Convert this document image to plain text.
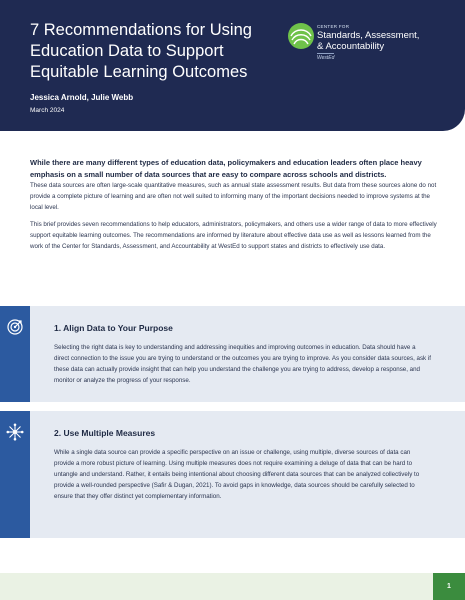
7 Recommendations for Using Education Data to Support Equitable Learning Outcomes
CENTER FOR
Standards, Assessment,
& Accountability
WestEd
Jessica Arnold, Julie Webb
March 2024

While there are many different types of education data, policymakers and education leaders often place heavy emphasis on a small number of data sources that are easy to compare across schools and districts.

These data sources are often large-scale quantitative measures, such as annual state assessment results. But data from these sources alone do not provide a complete picture of learning and are often not well suited to informing many of the important decisions needed to improve systems at the local level.

This brief provides seven recommendations to help educators, administrators, policymakers, and others use a wider range of data to more effectively support equitable learning outcomes. The recommendations are informed by literature about effective data use as well as lessons learned from the work of the Center for Standards, Assessment, and Accountability at WestEd to support states and districts to effectively use data.

1. Align Data to Your Purpose

Selecting the right data is key to understanding and addressing inequities and improving outcomes in education. Data should have a direct connection to the issue you are trying to understand or the outcomes you are trying to improve. As you consider data sources, ask if these data can actually provide insight that can help you understand the challenge you are trying to address, develop a response, and monitor or analyze the progress of your response.

2. Use Multiple Measures

While a single data source can provide a specific perspective on an issue or challenge, using multiple, diverse sources of data can provide a more robust picture of learning. Using multiple measures does not require examining a deluge of data that can be hard to untangle and understand. Rather, it entails being intentional about choosing different data sources that can be analyzed collectively to provide a well-rounded perspective (Safir & Dugan, 2021). To avoid gaps in knowledge, data sources should be carefully selected to ensure that they offer distinct yet complementary information.

1
